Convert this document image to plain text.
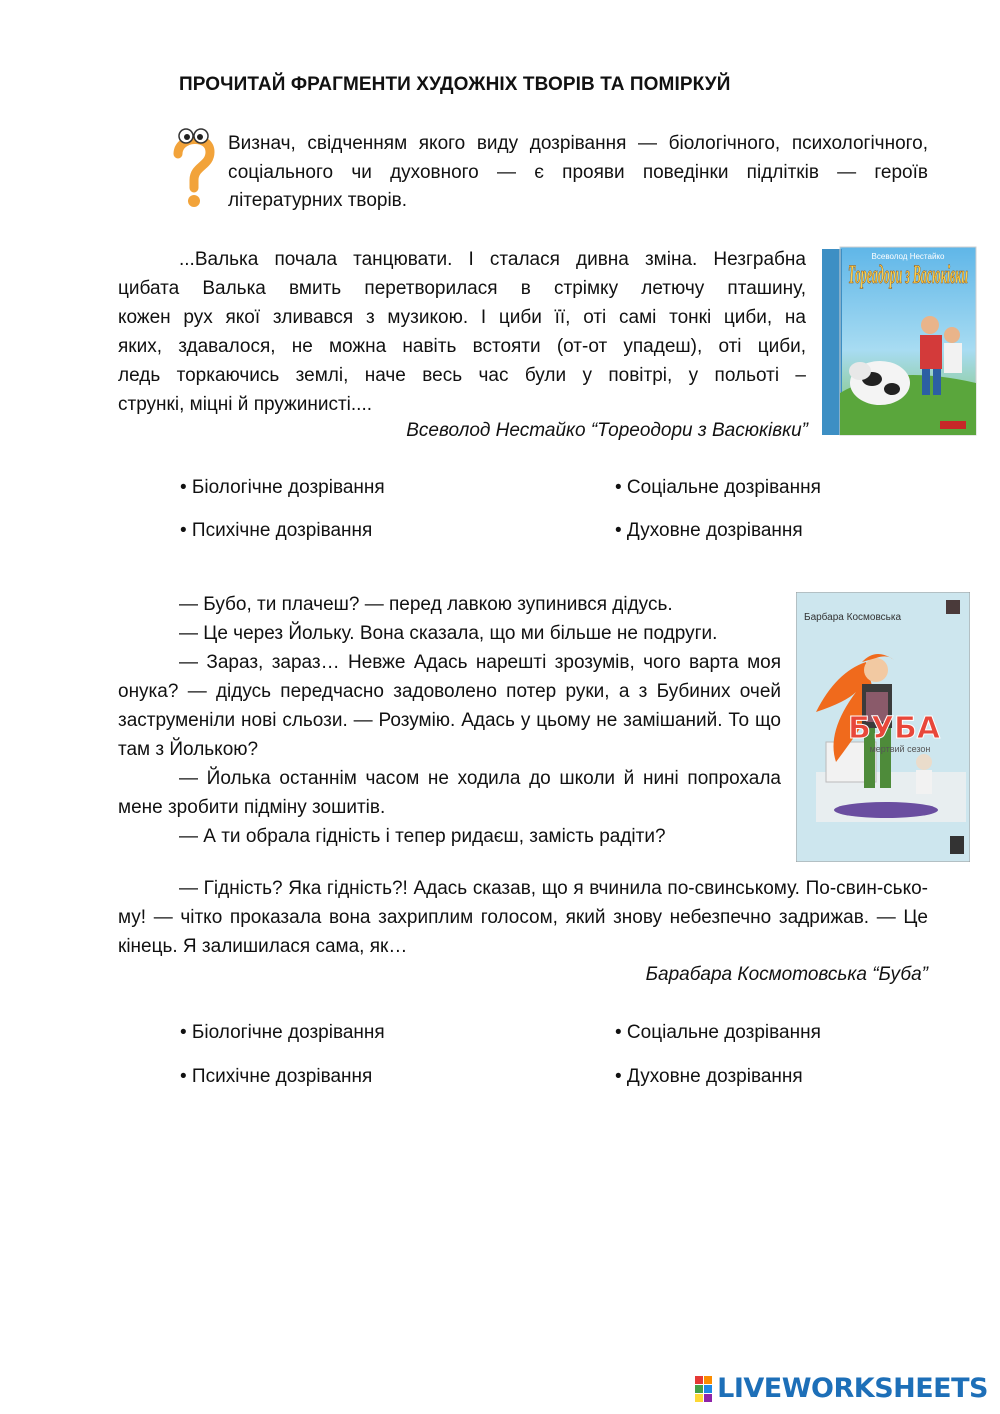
ПРОЧИТАЙ ФРАГМЕНТИ ХУДОЖНІХ ТВОРІВ ТА ПОМІРКУЙ
Визнач, свідченням якого виду дозрівання — біологічного, психологічного, соціального чи духовного — є прояви поведінки підлітків — героїв літературних творів.
...Валька почала танцювати. І сталася дивна зміна. Незграбна
цибата Валька вмить перетворилася в стрімку летючу пташину,
кожен рух якої зливався з музикою. І циби її, оті самі тонкі циби, на
яких, здавалося, не можна навіть встояти (от-от упадеш), оті циби,
ледь торкаючись землі, наче весь час були у повітрі, у польоті –
стрункі, міцні й пружинисті....
Всеволод Нестайко “Тореодори з Васюківки”
Тореадори з Васюківки
Всеволод Нестайко
• Біологічне дозрівання	• Соціальне дозрівання
• Психічне дозрівання	• Духовне дозрівання
— Бубо, ти плачеш? — перед лавкою зупинився дідусь.
— Це через Йольку. Вона сказала, що ми більше не подруги.
— Зараз, зараз… Невже Адась нарешті зрозумів, чого варта моя онука? — дідусь передчасно задоволено потер руки, а з Бубиних очей заструменіли нові сльози. — Розумію. Адась у цьому не замішаний. То що там з Йолькою?
— Йолька останнім часом не ходила до школи й нині попрохала мене зробити підміну зошитів.
— А ти обрала гідність і тепер ридаєш, замість радіти?
— Гідність? Яка гідність?! Адась сказав, що я вчинила по-свинському. По-свин-сько-му! — чітко проказала вона захриплим голосом, який знову небезпечно задрижав. — Це кінець. Я залишилася сама, як…
Барабара Космотовська “Буба”
Барбара Космовська
БУБА
мертвий сезон
• Біологічне дозрівання	• Соціальне дозрівання
• Психічне дозрівання	• Духовне дозрівання
LIVEWORKSHEETS
